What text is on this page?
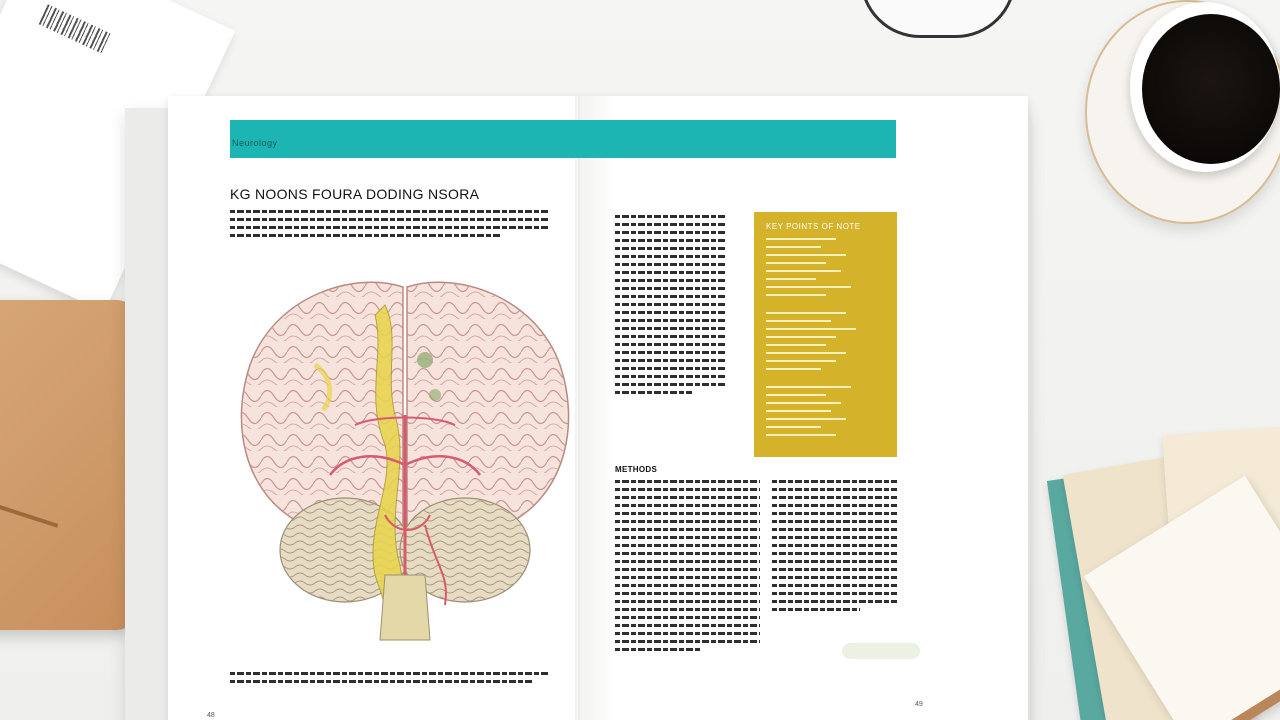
Neurology
KG NOONS FOURA DODING NSORA
KEY POINTS OF NOTE
METHODS
48
49
